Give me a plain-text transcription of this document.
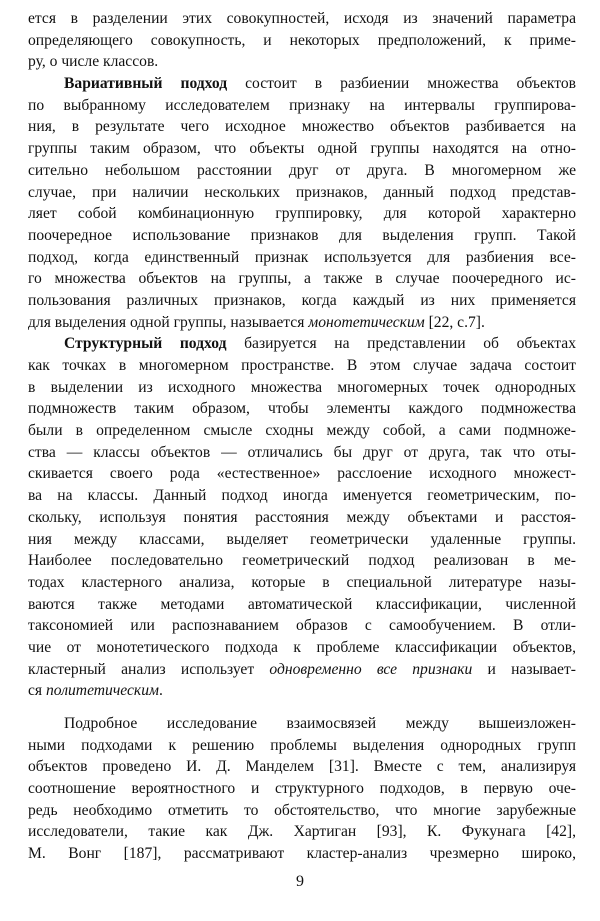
ется в разделении этих совокупностей, исходя из значений параметра
определяющего совокупность, и некоторых предположений, к приме-
ру, о числе классов.
Вариативный подход состоит в разбиении множества объектов
по выбранному исследователем признаку на интервалы группирова-
ния, в результате чего исходное множество объектов разбивается на
группы таким образом, что объекты одной группы находятся на отно-
сительно небольшом расстоянии друг от друга. В многомерном же
случае, при наличии нескольких признаков, данный подход представ-
ляет собой комбинационную группировку, для которой характерно
поочередное использование признаков для выделения групп. Такой
подход, когда единственный признак используется для разбиения все-
го множества объектов на группы, а также в случае поочередного ис-
пользования различных признаков, когда каждый из них применяется
для выделения одной группы, называется монотетическим [22, с.7].
Структурный подход базируется на представлении об объектах
как точках в многомерном пространстве. В этом случае задача состоит
в выделении из исходного множества многомерных точек однородных
подмножеств таким образом, чтобы элементы каждого подмножества
были в определенном смысле сходны между собой, а сами подмноже-
ства — классы объектов — отличались бы друг от друга, так что оты-
скивается своего рода «естественное» расслоение исходного множест-
ва на классы. Данный подход иногда именуется геометрическим, по-
скольку, используя понятия расстояния между объектами и расстоя-
ния между классами, выделяет геометрически удаленные группы.
Наиболее последовательно геометрический подход реализован в ме-
тодах кластерного анализа, которые в специальной литературе назы-
ваются также методами автоматической классификации, численной
таксономией или распознаванием образов с самообучением. В отли-
чие от монотетического подхода к проблеме классификации объектов,
кластерный анализ использует одновременно все признаки и называет-
ся политетическим.
Подробное исследование взаимосвязей между вышеизложен-
ными подходами к решению проблемы выделения однородных групп
объектов проведено И. Д. Манделем [31]. Вместе с тем, анализируя
соотношение вероятностного и структурного подходов, в первую оче-
редь необходимо отметить то обстоятельство, что многие зарубежные
исследователи, такие как Дж. Хартиган [93], К. Фукунага [42],
М. Вонг [187], рассматривают кластер-анализ чрезмерно широко,
9
